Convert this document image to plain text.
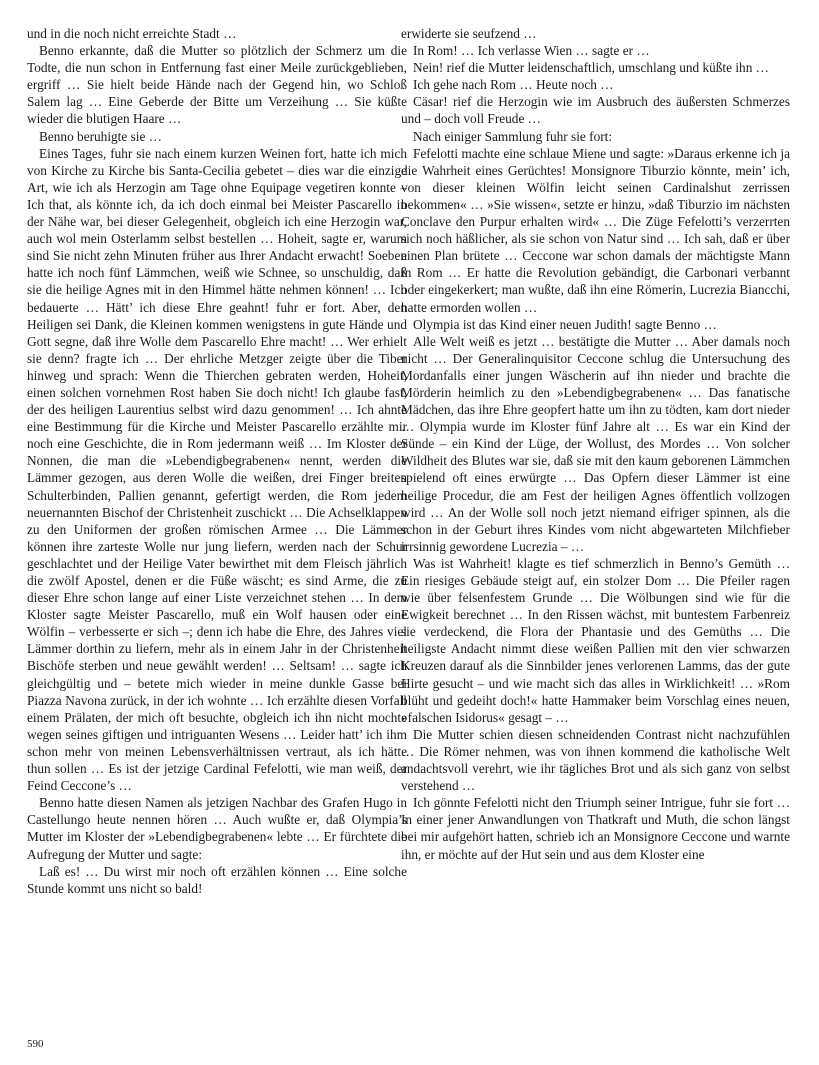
und in die noch nicht erreichte Stadt …

Benno erkannte, daß die Mutter so plötzlich der Schmerz um die Todte, die nun schon in Entfernung fast einer Meile zurückgeblieben, ergriff … Sie hielt beide Hände nach der Gegend hin, wo Schloß Salem lag … Eine Geberde der Bitte um Verzeihung … Sie küßte wieder die blutigen Haare …

Benno beruhigte sie …

Eines Tages, fuhr sie nach einem kurzen Weinen fort, hatte ich mich von Kirche zu Kirche bis Santa-Cecilia gebetet – dies war die einzige Art, wie ich als Herzogin am Tage ohne Equipage vegetiren konnte – Ich that, als könnte ich, da ich doch einmal bei Meister Pascarello in der Nähe war, bei dieser Gelegenheit, obgleich ich eine Herzogin war, auch wol mein Osterlamm selbst bestellen … Hoheit, sagte er, warum sind Sie nicht zehn Minuten früher aus Ihrer Andacht erwacht! Soeben hatte ich noch fünf Lämmchen, weiß wie Schnee, so unschuldig, daß sie die heilige Agnes mit in den Himmel hätte nehmen können! … Ich bedauerte … Hätt’ ich diese Ehre geahnt! fuhr er fort. Aber, den Heiligen sei Dank, die Kleinen kommen wenigstens in gute Hände und Gott segne, daß ihre Wolle dem Pascarello Ehre macht! … Wer erhielt sie denn? fragte ich … Der ehrliche Metzger zeigte über die Tiber hinweg und sprach: Wenn die Thierchen gebraten werden, Hoheit, einen solchen vornehmen Rost haben Sie doch nicht! Ich glaube fast, der des heiligen Laurentius selbst wird dazu genommen! … Ich ahnte eine Bestimmung für die Kirche und Meister Pascarello erzählte mir noch eine Geschichte, die in Rom jedermann weiß … Im Kloster der Nonnen, die man die »Lebendigbegrabenen« nennt, werden die Lämmer gezogen, aus deren Wolle die weißen, drei Finger breiten Schulterbinden, Pallien genannt, gefertigt werden, die Rom jedem neuernannten Bischof der Christenheit zuschickt … Die Achselklappen zu den Uniformen der großen römischen Armee … Die Lämmer können ihre zarteste Wolle nur jung liefern, werden nach der Schur geschlachtet und der Heilige Vater bewirthet mit dem Fleisch jährlich die zwölf Apostel, denen er die Füße wäscht; es sind Arme, die zu dieser Ehre schon lange auf einer Liste verzeichnet stehen … In dem Kloster sagte Meister Pascarello, muß ein Wolf hausen oder eine Wölfin – verbesserte er sich –; denn ich habe die Ehre, des Jahres viel Lämmer dorthin zu liefern, mehr als in einem Jahr in der Christenheit Bischöfe sterben und neue gewählt werden! … Seltsam! … sagte ich gleichgültig und – betete mich wieder in meine dunkle Gasse bei Piazza Navona zurück, in der ich wohnte … Ich erzählte diesen Vorfall einem Prälaten, der mich oft besuchte, obgleich ich ihn nicht mochte wegen seines giftigen und intriguanten Wesens … Leider hatt’ ich ihm schon mehr von meinen Lebensverhältnissen vertraut, als ich hätte thun sollen … Es ist der jetzige Cardinal Fefelotti, wie man weiß, der Feind Ceccone’s …

Benno hatte diesen Namen als jetzigen Nachbar des Grafen Hugo in Castellungo heute nennen hören … Auch wußte er, daß Olympia’s Mutter im Kloster der »Lebendigbegrabenen« lebte … Er fürchtete die Aufregung der Mutter und sagte:

Laß es! … Du wirst mir noch oft erzählen können … Eine solche Stunde kommt uns nicht so bald!

erwiderte sie seufzend …

In Rom! … Ich verlasse Wien … sagte er …

Nein! rief die Mutter leidenschaftlich, umschlang und küßte ihn …

Ich gehe nach Rom … Heute noch …

Cäsar! rief die Herzogin wie im Ausbruch des äußersten Schmerzes und – doch voll Freude …

Nach einiger Sammlung fuhr sie fort:

Fefelotti machte eine schlaue Miene und sagte: »Daraus erkenne ich ja die Wahrheit eines Gerüchtes! Monsignore Tiburzio könnte, mein’ ich, von dieser kleinen Wölfin leicht seinen Cardinalshut zerrissen bekommen« … »Sie wissen«, setzte er hinzu, »daß Tiburzio im nächsten Conclave den Purpur erhalten wird« … Die Züge Fefelotti’s verzerrten sich noch häßlicher, als sie schon von Natur sind … Ich sah, daß er über einen Plan brütete … Ceccone war schon damals der mächtigste Mann in Rom … Er hatte die Revolution gebändigt, die Carbonari verbannt oder eingekerkert; man wußte, daß ihn eine Römerin, Lucrezia Biancchi, hatte ermorden wollen …

Olympia ist das Kind einer neuen Judith! sagte Benno …

Alle Welt weiß es jetzt … bestätigte die Mutter … Aber damals noch nicht … Der Generalinquisitor Ceccone schlug die Untersuchung des Mordanfalls einer jungen Wäscherin auf ihn nieder und brachte die Mörderin heimlich zu den »Lebendigbegrabenen« … Das fanatische Mädchen, das ihre Ehre geopfert hatte um ihn zu tödten, kam dort nieder … Olympia wurde im Kloster fünf Jahre alt … Es war ein Kind der Sünde – ein Kind der Lüge, der Wollust, des Mordes … Von solcher Wildheit des Blutes war sie, daß sie mit den kaum geborenen Lämmchen spielend oft eines erwürgte … Das Opfern dieser Lämmer ist eine heilige Procedur, die am Fest der heiligen Agnes öffentlich vollzogen wird … An der Wolle soll noch jetzt niemand eifriger spinnen, als die schon in der Geburt ihres Kindes vom nicht abgewarteten Milchfieber irrsinnig gewordene Lucrezia – …

Was ist Wahrheit! klagte es tief schmerzlich in Benno’s Gemüth … Ein riesiges Gebäude steigt auf, ein stolzer Dom … Die Pfeiler ragen wie über felsenfestem Grunde … Die Wölbungen sind wie für die Ewigkeit berechnet … In den Rissen wächst, mit buntestem Farbenreiz sie verdeckend, die Flora der Phantasie und des Gemüths … Die heiligste Andacht nimmt diese weißen Pallien mit den vier schwarzen Kreuzen darauf als die Sinnbilder jenes verlorenen Lamms, das der gute Hirte gesucht – und wie macht sich das alles in Wirklichkeit! … »Rom blüht und gedeiht doch!« hatte Hammaker beim Vorschlag eines neuen, »falschen Isidorus« gesagt – …

Die Mutter schien diesen schneidenden Contrast nicht nachzufühlen … Die Römer nehmen, was von ihnen kommend die katholische Welt andachtsvoll verehrt, wie ihr tägliches Brot und als sich ganz von selbst verstehend …

Ich gönnte Fefelotti nicht den Triumph seiner Intrigue, fuhr sie fort … In einer jener Anwandlungen von Thatkraft und Muth, die schon längst bei mir aufgehört hatten, schrieb ich an Monsignore Ceccone und warnte ihn, er möchte auf der Hut sein und aus dem Kloster eine

590
